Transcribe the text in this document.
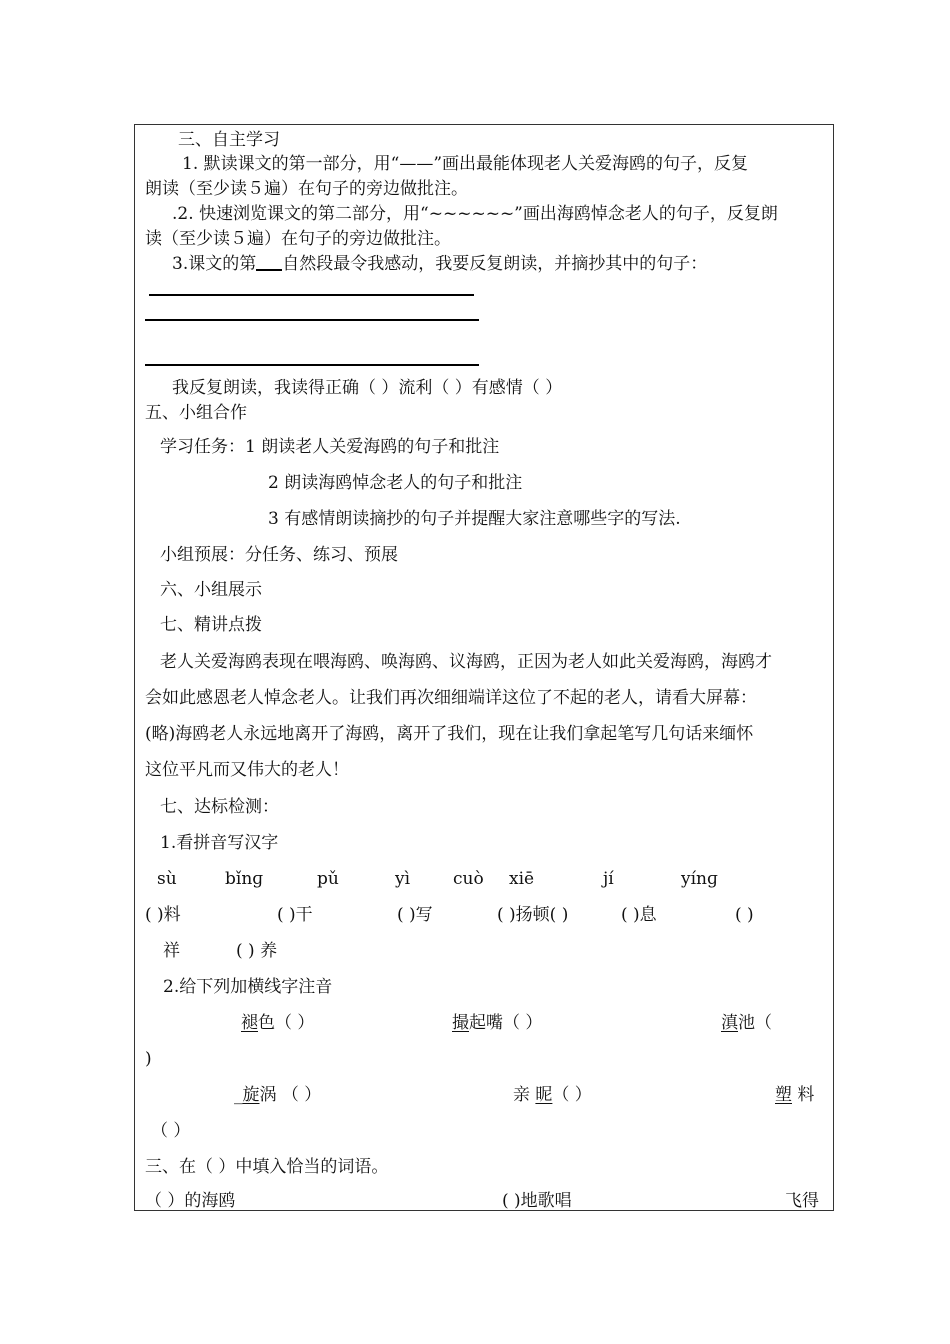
三、自主学习
1. 默读课文的第一部分，用“——”画出最能体现老人关爱海鸥的句子，反复
朗读（至少读５遍）在句子的旁边做批注。
.2. 快速浏览课文的第二部分，用“~~~~~~”画出海鸥悼念老人的句子，反复朗
读（至少读５遍）在句子的旁边做批注。
3.课文的第 自然段最令我感动，我要反复朗读，并摘抄其中的句子：
我反复朗读，我读得正确（ ）流利（ ）有感情（ ）
五、小组合作
学习任务：1 朗读老人关爱海鸥的句子和批注
2 朗读海鸥悼念老人的句子和批注
3 有感情朗读摘抄的句子并提醒大家注意哪些字的写法.
小组预展：分任务、练习、预展
六、小组展示
七、精讲点拨
老人关爱海鸥表现在喂海鸥、唤海鸥、议海鸥，正因为老人如此关爱海鸥，海鸥才
会如此感恩老人悼念老人。让我们再次细细端详这位了不起的老人，请看大屏幕：
(略)海鸥老人永远地离开了海鸥，离开了我们，现在让我们拿起笔写几句话来缅怀
这位平凡而又伟大的老人！
七、达标检测：
1.看拼音写汉字
sù	bǐnɡ	pǔ	yì	cuò xiē	jí	yínɡ
( )料	( )干	( )写	( )扬顿( )	( )息	( )
祥	( ) 养
2.给下列加横线字注音
褪色（ ）	撮起嘴（ ）	滇池（
)
_旋涡 （ ）	亲 昵（ ）	塑 料
（ ）
三、在（ ）中填入恰当的词语。
（ ）的海鸥	( )地歌唱	飞得
